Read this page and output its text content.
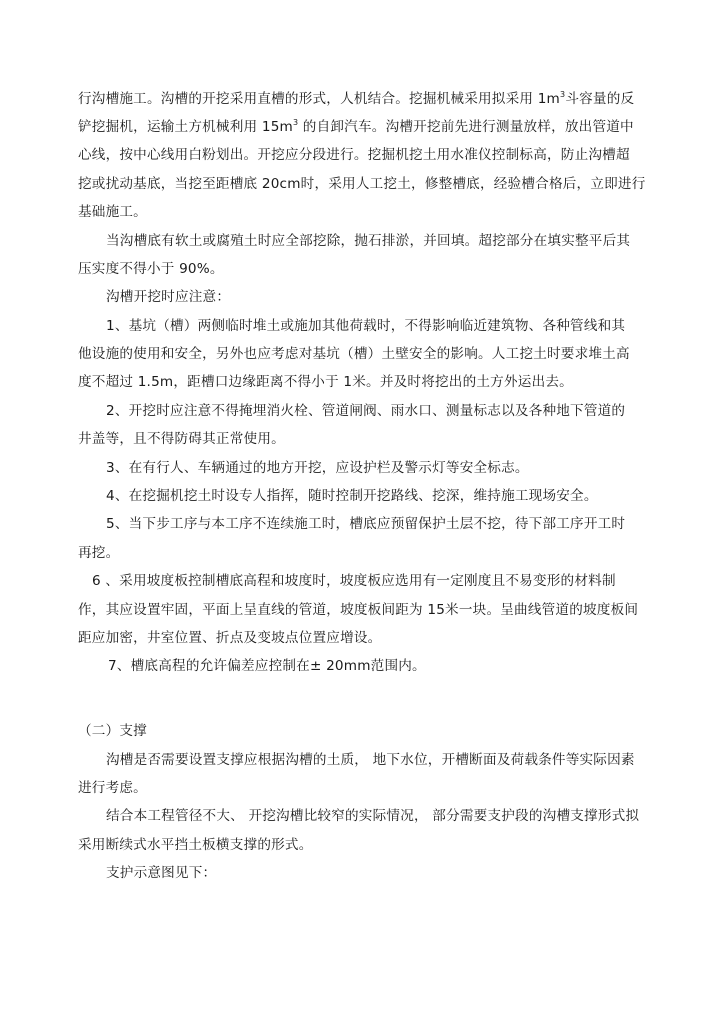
行沟槽施工。沟槽的开挖采用直槽的形式，人机结合。挖掘机械采用拟采用 $1m^3$斗容量的反
铲挖掘机，运输土方机械利用 $15m^3$ 的自卸汽车。沟槽开挖前先进行测量放样，放出管道中
心线，按中心线用白粉划出。开挖应分段进行。挖掘机挖土用水准仪控制标高，防止沟槽超
挖或扰动基底，当挖至距槽底 20cm时，采用人工挖土，修整槽底，经验槽合格后，立即进行
基础施工。
当沟槽底有软土或腐殖土时应全部挖除，抛石排淤，并回填。超挖部分在填实整平后其
压实度不得小于 90%。
沟槽开挖时应注意：
1、基坑（槽）两侧临时堆土或施加其他荷载时，不得影响临近建筑物、各种管线和其
他设施的使用和安全，另外也应考虑对基坑（槽）土壁安全的影响。人工挖土时要求堆土高
度不超过 1.5m，距槽口边缘距离不得小于 1米。并及时将挖出的土方外运出去。
2、开挖时应注意不得掩埋消火栓、管道闸阀、雨水口、测量标志以及各种地下管道的
井盖等，且不得防碍其正常使用。
3、在有行人、车辆通过的地方开挖，应设护栏及警示灯等安全标志。
4、在挖掘机挖土时设专人指挥，随时控制开挖路线、挖深，维持施工现场安全。
5、当下步工序与本工序不连续施工时，槽底应预留保护土层不挖，待下部工序开工时
再挖。
6 、采用坡度板控制槽底高程和坡度时，坡度板应选用有一定刚度且不易变形的材料制
作，其应设置牢固，平面上呈直线的管道，坡度板间距为 15米一块。呈曲线管道的坡度板间
距应加密，井室位置、折点及变坡点位置应增设。
7、槽底高程的允许偏差应控制在± 20mm范围内。
（二）支撑
沟槽是否需要设置支撑应根据沟槽的土质， 地下水位，开槽断面及荷载条件等实际因素
进行考虑。
结合本工程管径不大、 开挖沟槽比较窄的实际情况， 部分需要支护段的沟槽支撑形式拟
采用断续式水平挡土板横支撑的形式。
支护示意图见下：
